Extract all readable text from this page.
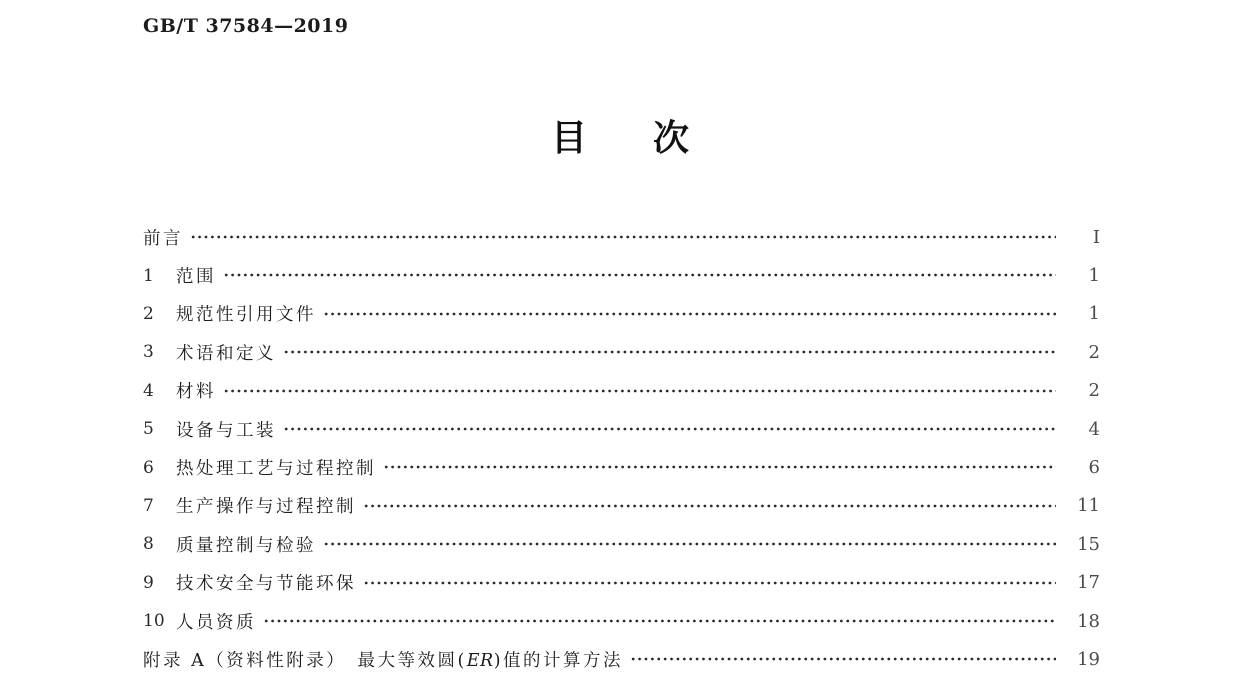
GB/T 37584—2019
目 次
前言	I
1	范围	1
2	规范性引用文件	1
3	术语和定义	2
4	材料	2
5	设备与工装	4
6	热处理工艺与过程控制	6
7	生产操作与过程控制	11
8	质量控制与检验	15
9	技术安全与节能环保	17
10 人员资质	18
附录 A（资料性附录）　最大等效圆(ER)值的计算方法	19
